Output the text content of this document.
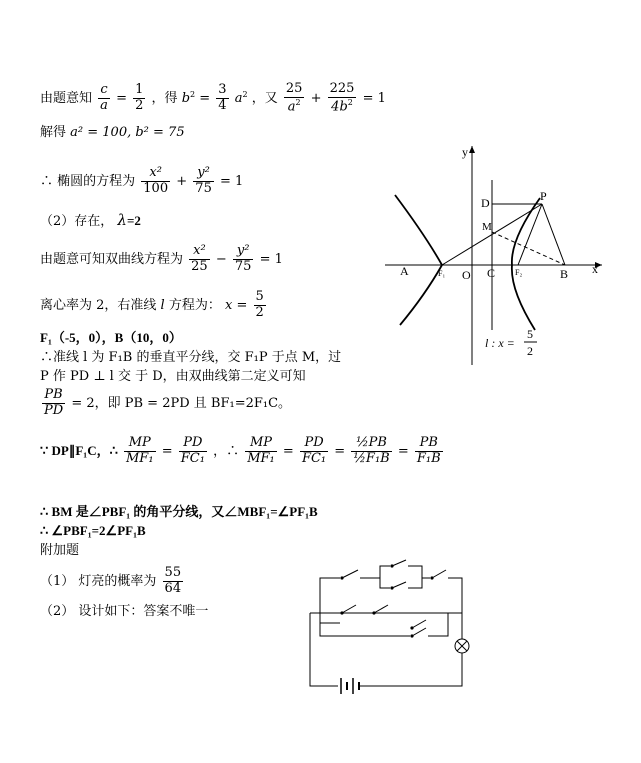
由题意知 $\frac{c}{a} = \frac{1}{2}$ ，得 $b^2 = \frac{3}{4} a^2$ ，又 $\frac{25}{a^2} + \frac{225}{4b^2} = 1$
解得 a² = 100, b² = 75
∴ 椭圆的方程为 $\frac{\text{x²}}{100} + \frac{\text{y²}}{75} = 1$
（2）存在， λ=2
由题意可知双曲线方程为 $\frac{\text{x²}}{25} - \frac{\text{y²}}{75} = 1$
离心率为 2，右准线 l 方程为： $x = \frac{5}{2}$
F₁（-5，0），B（10，0）
∴准线 l 为 F₁B 的垂直平分线，交 F₁P 于点 M，过
P 作 PD ⊥ l 交 于 D，由双曲线第二定义可知
$\frac{PB}{PD} = 2$，即 PB = 2PD 且 BF₁=2F₁C。
∵ DP∥F₁C，∴ $\frac{MP}{\text{MF₁}} = \frac{PD}{\text{FC₁}}$ ，∴ $\frac{MP}{\text{MF₁}} = \frac{PD}{\text{FC₁}} = \frac{\text{½PB}}{\text{½F₁B}} = \frac{PB}{\text{F₁B}}$
∴ BM 是∠PBF₁ 的角平分线，又∠MBF₁=∠PF₁B
∴ ∠PBF₁=2∠PF₁B
附加题
（1） 灯亮的概率为 $\frac{55}{64}$
（2） 设计如下：答案不唯一
y
x
O
A	B
C
D	P
M
F₁	F₂
l : x =
5
2
